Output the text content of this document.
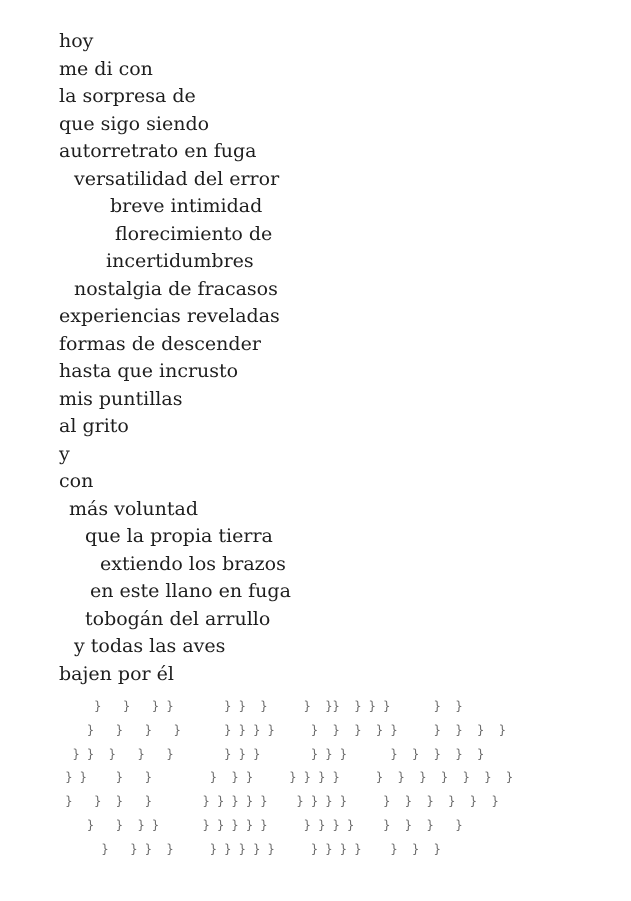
hoy
me di con
la sorpresa de
que sigo siendo
autorretrato en fuga
versatilidad del error
breve intimidad
florecimiento de
incertidumbres
nostalgia de fracasos
experiencias reveladas
formas de descender
hasta que incrusto
mis puntillas
al grito
y
con
más voluntad
que la propia tierra
extiendo los brazos
en este llano en fuga
tobogán del arrullo
y todas las aves
bajen por él
}   }   } }       } }  }     }  }}  } } }      }  }
}   }   }   }      } } } }     }  }  }  } }     }  }  }  }
} }  }   }   }       } } }       } } }      }  }  }  }  }
} }    }   }        }  } }     } } } }     }  }  }  }  }  }  }
}   }  }   }       } } } } }    } } } }     }  }  }  }  }  }
}   }  } }      } } } } }     } } } }    }  }  }   }
}   } }  }     } } } } }     } } } }    }  }  }
